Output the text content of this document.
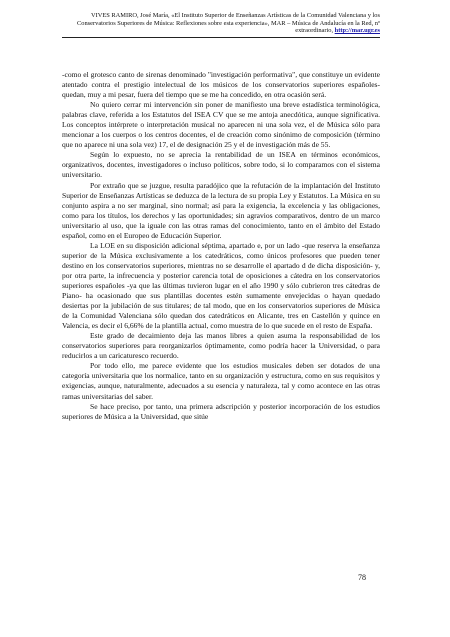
VIVES RAMIRO, José María, «El Instituto Superior de Enseñanzas Artísticas de la Comunidad Valenciana y los Conservatorios Superiores de Música: Reflexiones sobre esta experiencia», MAR – Música de Andalucía en la Red, nº extraordinario, http://mar.ugr.es

-como el grotesco canto de sirenas denominado "investigación performativa", que constituye un evidente atentado contra el prestigio intelectual de los músicos de los conservatorios superiores españoles- quedan, muy a mi pesar, fuera del tiempo que se me ha concedido, en otra ocasión será.

No quiero cerrar mi intervención sin poner de manifiesto una breve estadística terminológica, palabras clave, referida a los Estatutos del ISEA CV que se me antoja anecdótica, aunque significativa. Los conceptos intérprete o interpretación musical no aparecen ni una sola vez, el de Música sólo para mencionar a los cuerpos o los centros docentes, el de creación como sinónimo de composición (término que no aparece ni una sola vez) 17, el de designación 25 y el de investigación más de 55.

Según lo expuesto, no se aprecia la rentabilidad de un ISEA en términos económicos, organizativos, docentes, investigadores o incluso políticos, sobre todo, si lo comparamos con el sistema universitario.

Por extraño que se juzgue, resulta paradójico que la refutación de la implantación del Instituto Superior de Enseñanzas Artísticas se deduzca de la lectura de su propia Ley y Estatutos. La Música en su conjunto aspira a no ser marginal, sino normal; así para la exigencia, la excelencia y las obligaciones, como para los títulos, los derechos y las oportunidades; sin agravios comparativos, dentro de un marco universitario al uso, que la iguale con las otras ramas del conocimiento, tanto en el ámbito del Estado español, como en el Europeo de Educación Superior.

La LOE en su disposición adicional séptima, apartado e, por un lado -que reserva la enseñanza superior de la Música exclusivamente a los catedráticos, como únicos profesores que pueden tener destino en los conservatorios superiores, mientras no se desarrolle el apartado d de dicha disposición- y, por otra parte, la infrecuencia y posterior carencia total de oposiciones a cátedra en los conservatorios superiores españoles -ya que las últimas tuvieron lugar en el año 1990 y sólo cubrieron tres cátedras de Piano- ha ocasionado que sus plantillas docentes estén sumamente envejecidas o hayan quedado desiertas por la jubilación de sus titulares; de tal modo, que en los conservatorios superiores de Música de la Comunidad Valenciana sólo quedan dos catedráticos en Alicante, tres en Castellón y quince en Valencia, es decir el 6,66% de la plantilla actual, como muestra de lo que sucede en el resto de España.

Este grado de decaimiento deja las manos libres a quien asuma la responsabilidad de los conservatorios superiores para reorganizarlos óptimamente, como podría hacer la Universidad, o para reducirlos a un caricaturesco recuerdo.

Por todo ello, me parece evidente que los estudios musicales deben ser dotados de una categoría universitaria que los normalice, tanto en su organización y estructura, como en sus requisitos y exigencias, aunque, naturalmente, adecuados a su esencia y naturaleza, tal y como acontece en las otras ramas universitarias del saber.

Se hace preciso, por tanto, una primera adscripción y posterior incorporación de los estudios superiores de Música a la Universidad, que sitúe

78
